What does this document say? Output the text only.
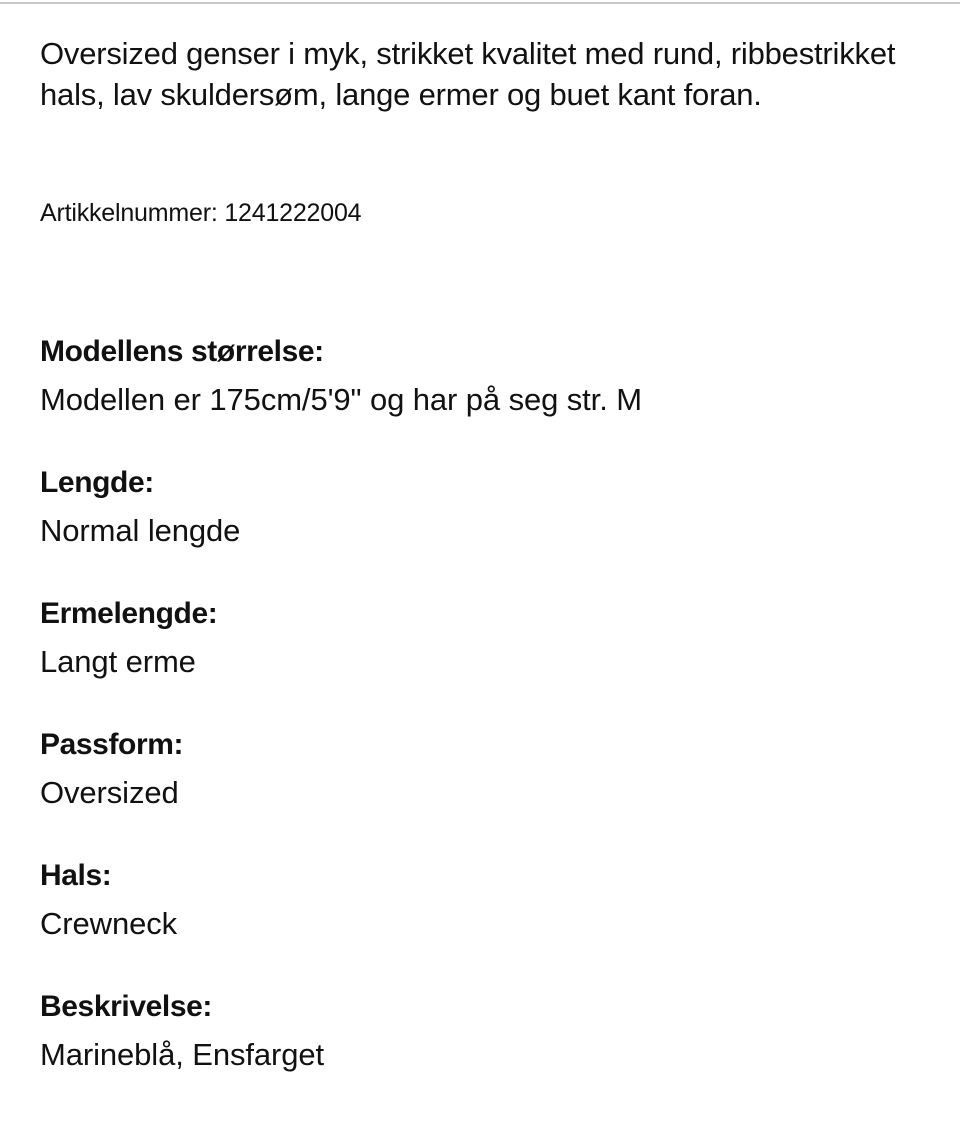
Oversized genser i myk, strikket kvalitet med rund, ribbestrikket hals, lav skuldersøm, lange ermer og buet kant foran.
Artikkelnummer: 1241222004
Modellens størrelse:
Modellen er 175cm/5'9" og har på seg str. M
Lengde:
Normal lengde
Ermelengde:
Langt erme
Passform:
Oversized
Hals:
Crewneck
Beskrivelse:
Marineblå, Ensfarget
